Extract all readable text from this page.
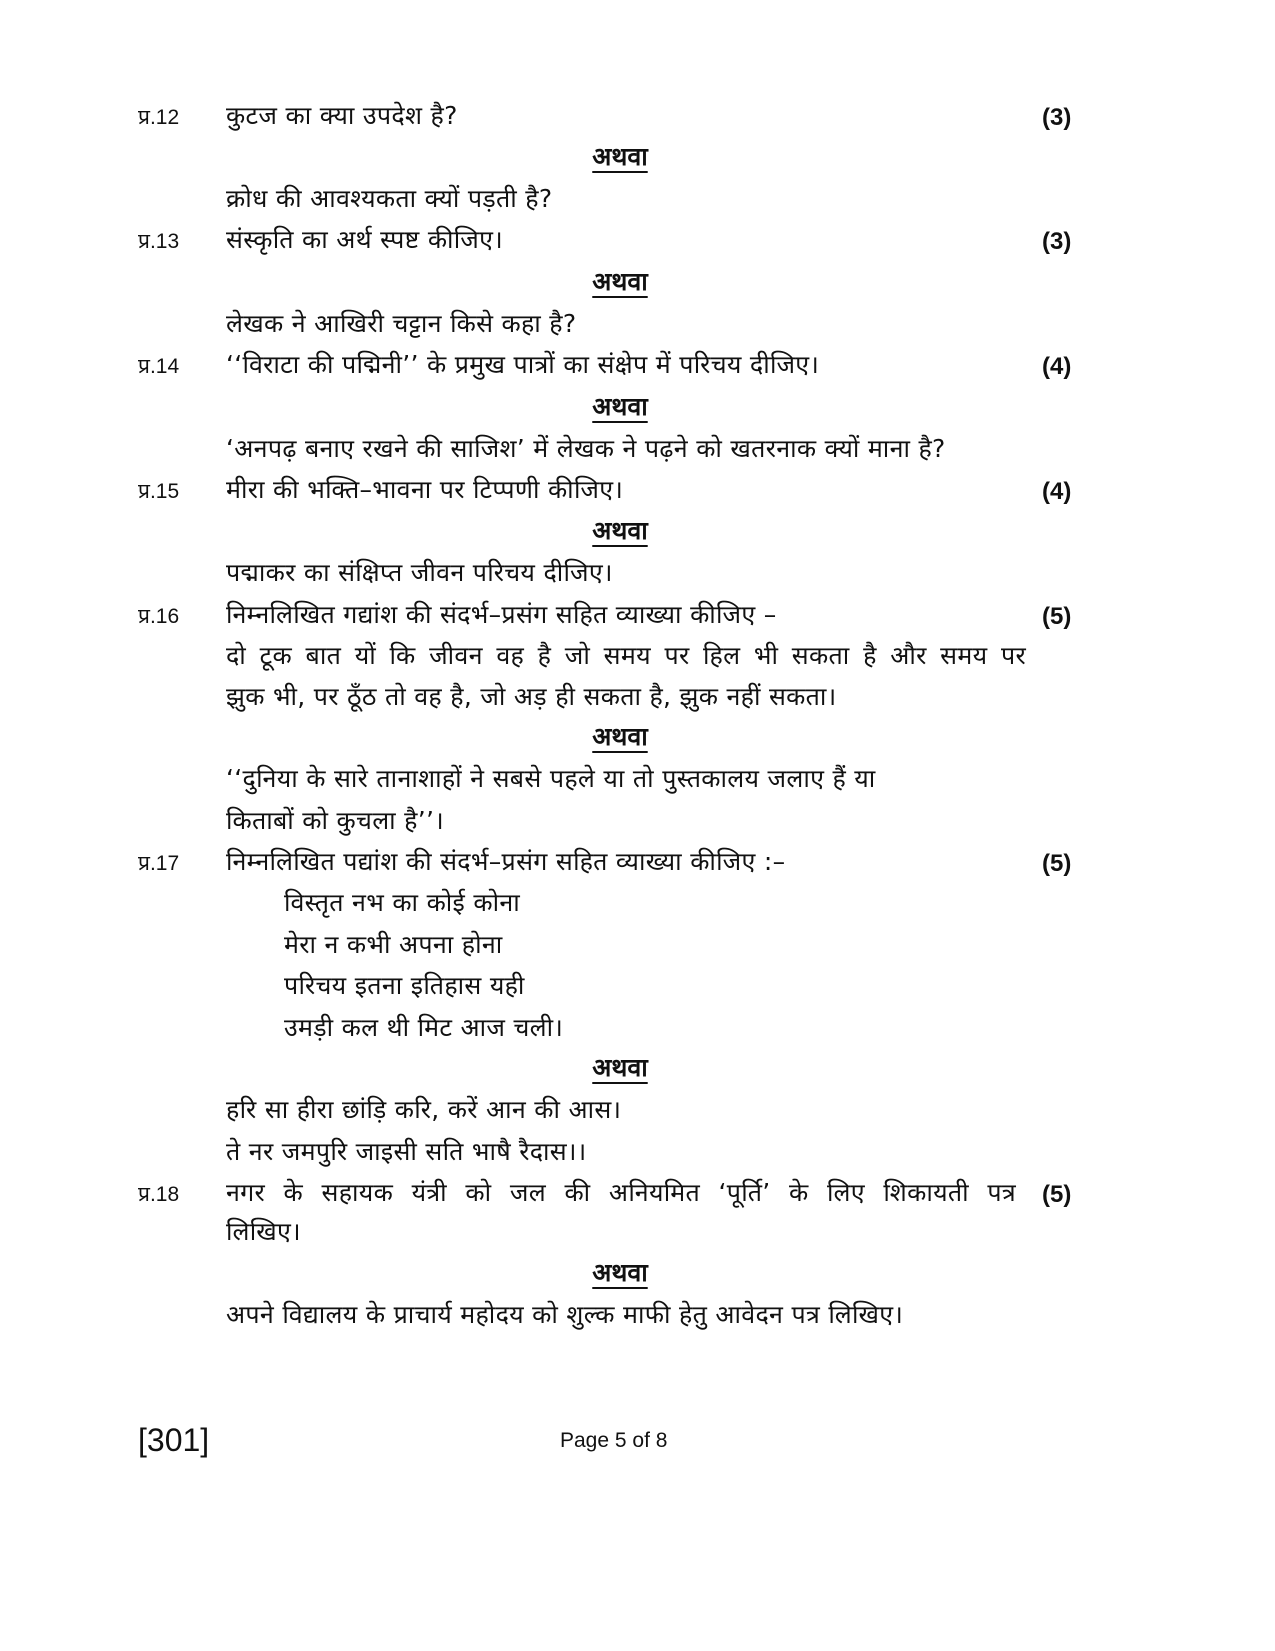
प्र.12 कुटज का क्या उपदेश है?	(3)
अथवा
क्रोध की आवश्यकता क्यों पड़ती है?
प्र.13 संस्कृति का अर्थ स्पष्ट कीजिए।	(3)
अथवा
लेखक ने आखिरी चट्टान किसे कहा है?
प्र.14 ‘‘विराटा की पद्मिनी’’ के प्रमुख पात्रों का संक्षेप में परिचय दीजिए।	(4)
अथवा
‘अनपढ़ बनाए रखने की साजिश’ में लेखक ने पढ़ने को खतरनाक क्यों माना है?
प्र.15 मीरा की भक्ति–भावना पर टिप्पणी कीजिए।	(4)
अथवा
पद्माकर का संक्षिप्त जीवन परिचय दीजिए।
प्र.16 निम्नलिखित गद्यांश की संदर्भ–प्रसंग सहित व्याख्या कीजिए –	(5)
दो टूक बात यों कि जीवन वह है जो समय पर हिल भी सकता है और समय पर
झुक भी, पर ठूँठ तो वह है, जो अड़ ही सकता है, झुक नहीं सकता।
अथवा
‘‘दुनिया के सारे तानाशाहों ने सबसे पहले या तो पुस्तकालय जलाए हैं या
किताबों को कुचला है’’।
प्र.17 निम्नलिखित पद्यांश की संदर्भ–प्रसंग सहित व्याख्या कीजिए :–	(5)
विस्तृत नभ का कोई कोना
मेरा न कभी अपना होना
परिचय इतना इतिहास यही
उमड़ी कल थी मिट आज चली।
अथवा
हरि सा हीरा छांड़ि करि, करें आन की आस।
ते नर जमपुरि जाइसी सति भाषै रैदास।।
प्र.18 नगर के सहायक यंत्री को जल की अनियमित ‘पूर्ति’ के लिए शिकायती पत्र (5)
लिखिए।
अथवा
अपने विद्यालय के प्राचार्य महोदय को शुल्क माफी हेतु आवेदन पत्र लिखिए।
[301]	Page 5 of 8
